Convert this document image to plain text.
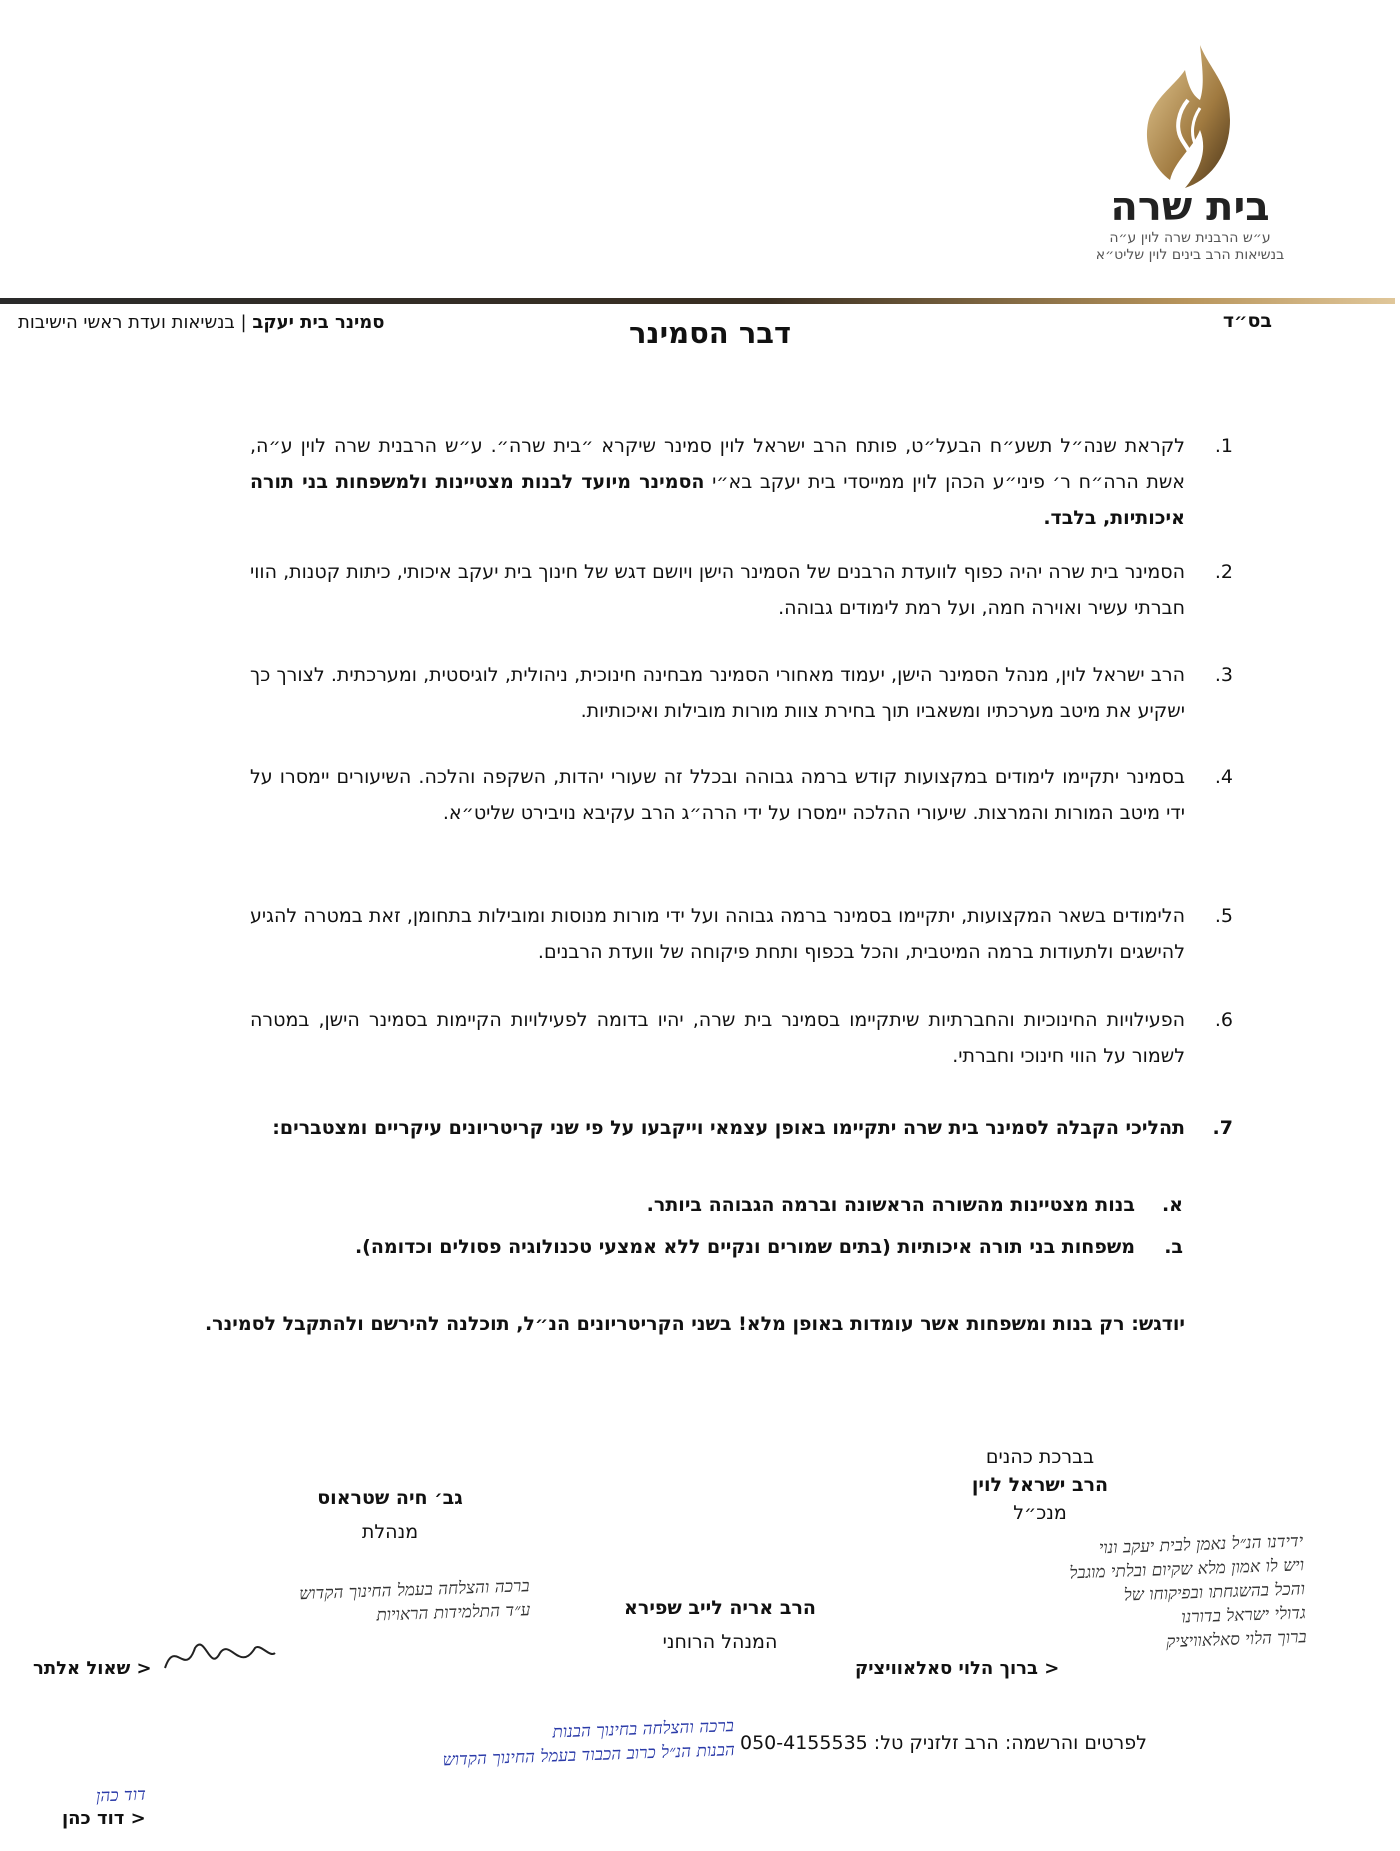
בית שרה
ע״ש הרבנית שרה לוין ע״ה
בנשיאות הרב בינים לוין שליט״א
בס״ד
דבר הסמינר
סמינר בית יעקב | בנשיאות ועדת ראשי הישיבות
1.
לקראת שנה״ל תשע״ח הבעל״ט, פותח הרב ישראל לוין סמינר שיקרא ״בית שרה״. ע״ש הרבנית שרה לוין ע״ה, אשת הרה״ח ר׳ פיני״ע הכהן לוין ממייסדי בית יעקב בא״י הסמינר מיועד לבנות מצטיינות ולמשפחות בני תורה איכותיות, בלבד.
2.
הסמינר בית שרה יהיה כפוף לוועדת הרבנים של הסמינר הישן ויושם דגש של חינוך בית יעקב איכותי, כיתות קטנות, הווי חברתי עשיר ואוירה חמה, ועל רמת לימודים גבוהה.
3.
הרב ישראל לוין, מנהל הסמינר הישן, יעמוד מאחורי הסמינר מבחינה חינוכית, ניהולית, לוגיסטית, ומערכתית. לצורך כך ישקיע את מיטב מערכתיו ומשאביו תוך בחירת צוות מורות מובילות ואיכותיות.
4.
בסמינר יתקיימו לימודים במקצועות קודש ברמה גבוהה ובכלל זה שעורי יהדות, השקפה והלכה. השיעורים יימסרו על ידי מיטב המורות והמרצות. שיעורי ההלכה יימסרו על ידי הרה״ג הרב עקיבא נויבירט שליט״א.
5.
הלימודים בשאר המקצועות, יתקיימו בסמינר ברמה גבוהה ועל ידי מורות מנוסות ומובילות בתחומן, זאת במטרה להגיע להישגים ולתעודות ברמה המיטבית, והכל בכפוף ותחת פיקוחה של וועדת הרבנים.
6.
הפעילויות החינוכיות והחברתיות שיתקיימו בסמינר בית שרה, יהיו בדומה לפעילויות הקיימות בסמינר הישן, במטרה לשמור על הווי חינוכי וחברתי.
7.
תהליכי הקבלה לסמינר בית שרה יתקיימו באופן עצמאי וייקבעו על פי שני קריטריונים עיקריים ומצטברים:
א.
בנות מצטיינות מהשורה הראשונה וברמה הגבוהה ביותר.
ב.
משפחות בני תורה איכותיות (בתים שמורים ונקיים ללא אמצעי טכנולוגיה פסולים וכדומה).
יודגש: רק בנות ומשפחות אשר עומדות באופן מלא! בשני הקריטריונים הנ״ל, תוכלנה להירשם ולהתקבל לסמינר.
בברכת כהנים
הרב ישראל לוין
מנכ״ל
גב׳ חיה שטראוס
מנהלת
הרב אריה לייב שפירא
המנהל הרוחני
ידידנו הנ״ל נאמן לבית יעקב ונוי
ויש לו אמון מלא שקיום ובלתי מוגבל
והכל בהשגחתו ובפיקוחו של
גדולי ישראל בדורנו
ברוך הלוי סאלאוויציק
< ברוך הלוי סאלאוויציק
ברכה והצלחה בעמל החינוך הקדוש
ע״ד התלמידות הראויות
< שאול אלתר
לפרטים והרשמה: הרב זלזניק טל: 050-4155535
ברכה והצלחה בחינוך הבנות
הבנות הנ״ל כרוב הכבוד בעמל החינוך הקדוש
דוד כהן
< דוד כהן
